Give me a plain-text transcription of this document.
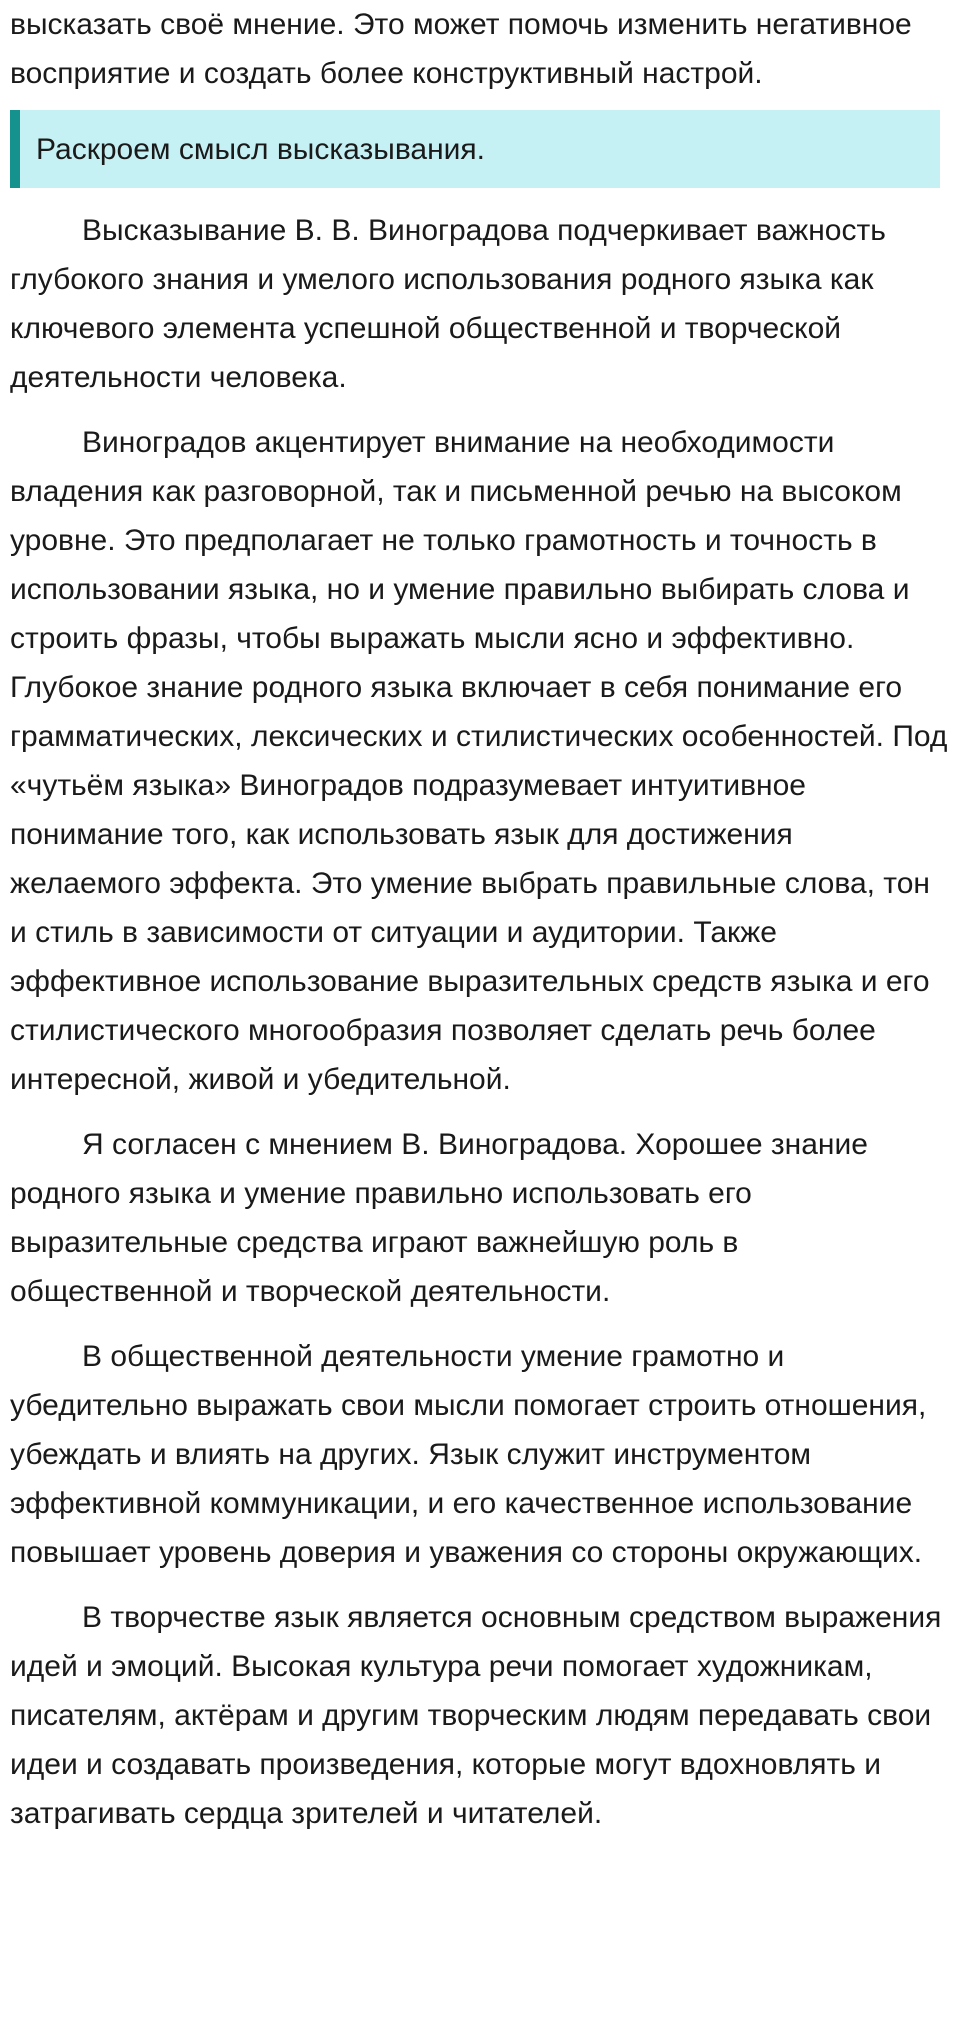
высказать своё мнение. Это может помочь изменить негативное восприятие и создать более конструктивный настрой.

Раскроем смысл высказывания.

Высказывание В. В. Виноградова подчеркивает важность глубокого знания и умелого использования родного языка как ключевого элемента успешной общественной и творческой деятельности человека.

Виноградов акцентирует внимание на необходимости владения как разговорной, так и письменной речью на высоком уровне. Это предполагает не только грамотность и точность в использовании языка, но и умение правильно выбирать слова и строить фразы, чтобы выражать мысли ясно и эффективно. Глубокое знание родного языка включает в себя понимание его грамматических, лексических и стилистических особенностей. Под «чутьём языка» Виноградов подразумевает интуитивное понимание того, как использовать язык для достижения желаемого эффекта. Это умение выбрать правильные слова, тон и стиль в зависимости от ситуации и аудитории. Также эффективное использование выразительных средств языка и его стилистического многообразия позволяет сделать речь более интересной, живой и убедительной.

Я согласен с мнением В. Виноградова. Хорошее знание родного языка и умение правильно использовать его выразительные средства играют важнейшую роль в общественной и творческой деятельности.

В общественной деятельности умение грамотно и убедительно выражать свои мысли помогает строить отношения, убеждать и влиять на других. Язык служит инструментом эффективной коммуникации, и его качественное использование повышает уровень доверия и уважения со стороны окружающих.

В творчестве язык является основным средством выражения идей и эмоций. Высокая культура речи помогает художникам, писателям, актёрам и другим творческим людям передавать свои идеи и создавать произведения, которые могут вдохновлять и затрагивать сердца зрителей и читателей.
